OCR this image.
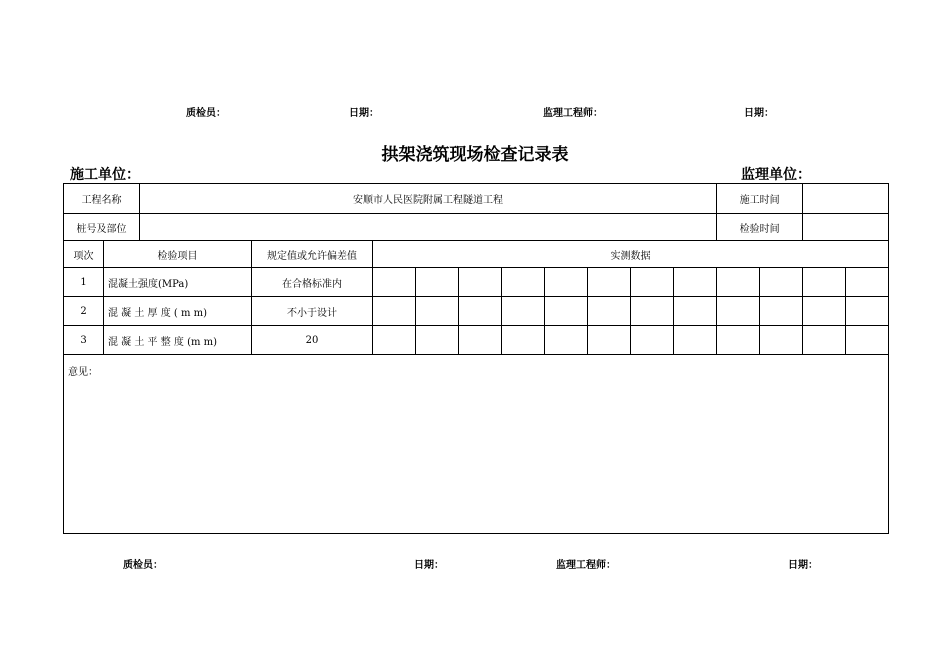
质检员：	日期：	监理工程师：	日期：
拱架浇筑现场检查记录表
施工单位：	监理单位：
工程名称		安顺市人民医院附属工程隧道工程										施工时间			
桩号及部位												检验时间			
项次	检验项目		规定值或允许偏差值	实测数据											
1	混凝土强度(MPa)		在合格标准内												
2	混 凝 土 厚 度 ( m m)		不小于设计												
3	混 凝 土 平 整 度 (m m)		20												
意见：															
质检员：	日期：	监理工程师：	日期：
